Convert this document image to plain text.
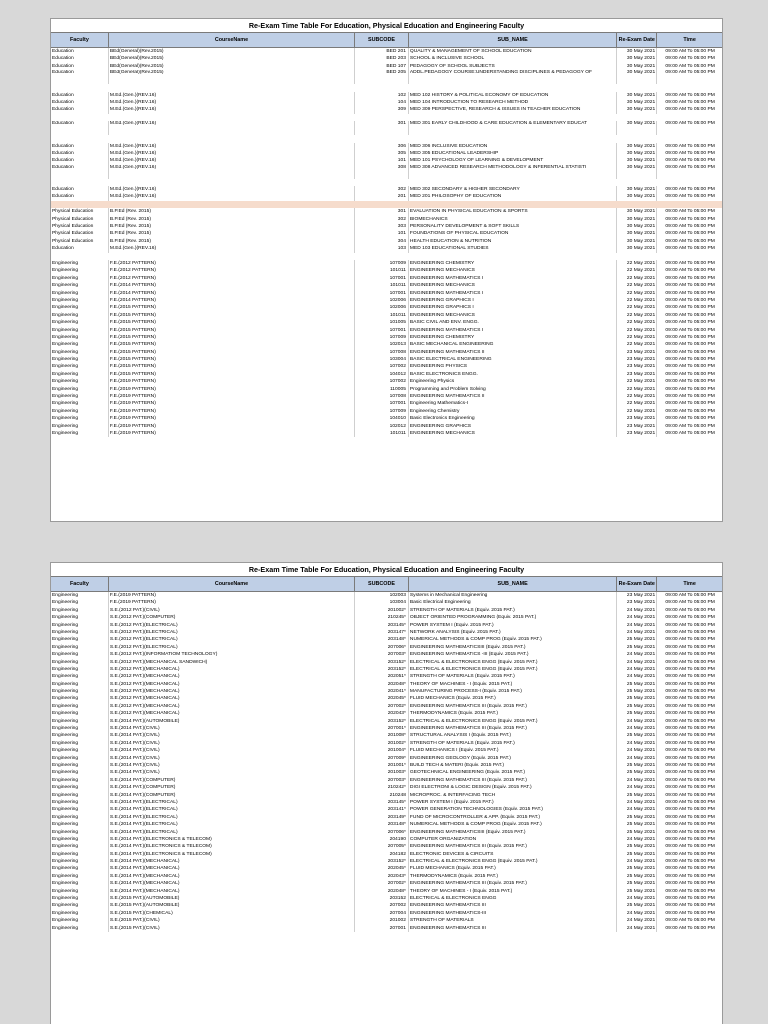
Re-Exam Time Table For Education, Physical Education and Engineering Faculty
Faculty	CourseName	SUBCODE	SUB_NAME	Re-Exam Date	Time
Education	BEd(General)(Rev.2015)	BED 201 QUALITY & MANAGEMENT OF SCHOOL EDUCATION	30 May 2021	09:00 AM To 05:00 PM
Education	BEd(General)(Rev.2015)	BED 203 SCHOOL & INCLUSIVE SCHOOL	30 May 2021	09:00 AM To 05:00 PM
Education	BEd(General)(Rev.2015)	BED 107 PEDAGOGY OF SCHOOL SUBJECTS	30 May 2021	09:00 AM To 05:00 PM
Education	BEd(General)(Rev.2015)	BED 205 ADDL.PEDAGOGY COURSE:UNDERSTANDING DISCIPLINES & PEDAGOGY OF	30 May 2021	09:00 AM To 05:00 PM
Education	M.Ed.(Gen.)(REV.16)	102 MED 102 HISTORY & POLITICAL ECONOMY OF EDUCATION	30 May 2021	09:00 AM To 05:00 PM
Education	M.Ed.(Gen.)(REV.16)	104 MED 104 INTRODUCTION TO RESEARCH METHOD	30 May 2021	09:00 AM To 05:00 PM
Education	M.Ed.(Gen.)(REV.16)	309 MED 309 PERSPECTIVE, RESEARCH & ISSUES IN TEACHER EDUCATION	30 May 2021	09:00 AM To 05:00 PM
Education	M.Ed.(Gen.)(REV.16)	301 MED 301 EARLY CHILDHOOD & CARE EDUCATION & ELEMENTARY EDUCAT	30 May 2021	09:00 AM To 05:00 PM
Education	M.Ed.(Gen.)(REV.16)	306 MED 306 INCLUSIVE EDUCATION	30 May 2021	09:00 AM To 05:00 PM
Education	M.Ed.(Gen.)(REV.16)	305 MED 305 EDUCATIONAL LEADERSHIP	30 May 2021	09:00 AM To 05:00 PM
Education	M.Ed.(Gen.)(REV.16)	101 MED 101 PSYCHOLOGY OF LEARNING & DEVELOPMENT	30 May 2021	09:00 AM To 05:00 PM
Education	M.Ed.(Gen.)(REV.16)	308 MED 308 ADVANCED RESEARCH METHODOLOGY & INFERENTIAL STATISTI	30 May 2021	09:00 AM To 05:00 PM
Education	M.Ed.(Gen.)(REV.16)	302 MED 302 SECONDARY & HIGHER SECONDARY	30 May 2021	09:00 AM To 05:00 PM
Education	M.Ed.(Gen.)(REV.16)	201 MED 201 PHILOSOPHY OF EDUCATION	30 May 2021	09:00 AM To 05:00 PM
Physical Education	B.P.Ed (Rev. 2015)	301 EVALUATION IN PHYSICAL EDUCATION & SPORTS	30 May 2021	09:00 AM To 05:00 PM
Physical Education	B.P.Ed (Rev. 2015)	302 BIOMECHANICS	30 May 2021	09:00 AM To 05:00 PM
Physical Education	B.P.Ed (Rev. 2015)	303 PERSONALITY DEVELOPMENT & SOFT SKILLS	30 May 2021	09:00 AM To 05:00 PM
Physical Education	B.P.Ed (Rev. 2015)	101 FOUNDATIONS OF PHYSICAL EDUCATION	30 May 2021	09:00 AM To 05:00 PM
Physical Education	B.P.Ed (Rev. 2015)	304 HEALTH EDUCATION & NUTRITION	30 May 2021	09:00 AM To 05:00 PM
Education	M.Ed.(Gen.)(REV.16)	103 MED 103 EDUCATIONAL STUDIES	30 May 2021	09:00 AM To 05:00 PM
Engineering	F.E.(2012 PATTERN)	107009 ENGINEERING CHEMISTRY	22 May 2021	09:00 AM To 05:00 PM
Engineering	F.E.(2012 PATTERN)	101011 ENGINEERING MECHANICS	22 May 2021	09:00 AM To 05:00 PM
Engineering	F.E.(2012 PATTERN)	107001 ENGINEERING MATHEMATICS I	22 May 2021	09:00 AM To 05:00 PM
Engineering	F.E.(2014 PATTERN)	101011 ENGINEERING MECHANICS	22 May 2021	09:00 AM To 05:00 PM
Engineering	F.E.(2014 PATTERN)	107001 ENGINEERING MATHEMATICS I	22 May 2021	09:00 AM To 05:00 PM
Engineering	F.E.(2014 PATTERN)	102006 ENGINEERING GRAPHICS I	22 May 2021	09:00 AM To 05:00 PM
Engineering	F.E.(2015 PATTERN)	102006 ENGINEERING GRAPHICS I	22 May 2021	09:00 AM To 05:00 PM
Engineering	F.E.(2015 PATTERN)	101011 ENGINEERING MECHANICS	22 May 2021	09:00 AM To 05:00 PM
Engineering	F.E.(2015 PATTERN)	101005 BASIC CIVIL AND ENV. ENGG.	22 May 2021	09:00 AM To 05:00 PM
Engineering	F.E.(2015 PATTERN)	107001 ENGINEERING MATHEMATICS I	22 May 2021	09:00 AM To 05:00 PM
Engineering	F.E.(2015 PATTERN)	107009 ENGINEERING CHEMISTRY	22 May 2021	09:00 AM To 05:00 PM
Engineering	F.E.(2015 PATTERN)	102013 BASIC MECHANICAL ENGINEERING	22 May 2021	09:00 AM To 05:00 PM
Engineering	F.E.(2015 PATTERN)	107008 ENGINEERING MATHEMATICS II	23 May 2021	09:00 AM To 05:00 PM
Engineering	F.E.(2015 PATTERN)	103004 BASIC ELECTRICAL ENGINEERING	23 May 2021	09:00 AM To 05:00 PM
Engineering	F.E.(2015 PATTERN)	107002 ENGINEERING PHYSICS	23 May 2021	09:00 AM To 05:00 PM
Engineering	F.E.(2015 PATTERN)	104012 BASIC ELECTRONICS ENGG.	23 May 2021	09:00 AM To 05:00 PM
Engineering	F.E.(2019 PATTERN)	107002 Engineering Physics	22 May 2021	09:00 AM To 05:00 PM
Engineering	F.E.(2019 PATTERN)	110005 Programming and Problem Solving	22 May 2021	09:00 AM To 05:00 PM
Engineering	F.E.(2019 PATTERN)	107008 ENGINEERING MATHEMATICS II	22 May 2021	09:00 AM To 05:00 PM
Engineering	F.E.(2019 PATTERN)	107001 Engineering Mathematics-I	22 May 2021	09:00 AM To 05:00 PM
Engineering	F.E.(2019 PATTERN)	107009 Engineering Chemistry	22 May 2021	09:00 AM To 05:00 PM
Engineering	F.E.(2019 PATTERN)	104010 Basic Electronics Engineering	23 May 2021	09:00 AM To 05:00 PM
Engineering	F.E.(2019 PATTERN)	102012 ENGINEERING GRAPHICS	23 May 2021	09:00 AM To 05:00 PM
Engineering	F.E.(2019 PATTERN)	101011 ENGINEERING MECHANICS	23 May 2021	09:00 AM To 05:00 PM
Re-Exam Time Table For Education, Physical Education and Engineering Faculty
Faculty	CourseName	SUBCODE	SUB_NAME	Re-Exam Date	Time
Engineering	F.E.(2019 PATTERN)	102003 Systems in Mechanical Engineering	23 May 2021	09:00 AM To 05:00 PM
Engineering	F.E.(2019 PATTERN)	103004 Basic Electrical Engineering	23 May 2021	09:00 AM To 05:00 PM
Engineering	S.E.(2012 PAT.)(CIVIL)	201002* STRENGTH OF MATERIALS (Equiv. 2015 PAT.)	24 May 2021	09:00 AM To 05:00 PM
Engineering	S.E.(2012 PAT.)(COMPUTER)	210245* OBJECT ORIENTED PROGRAMMING (Equiv. 2015 PAT.)	24 May 2021	09:00 AM To 05:00 PM
Engineering	S.E.(2012 PAT.)(ELECTRICAL)	203145* POWER SYSTEM I (Equiv. 2015 PAT.)	24 May 2021	09:00 AM To 05:00 PM
Engineering	S.E.(2012 PAT.)(ELECTRICAL)	203147* NETWORK ANALYSIS (Equiv. 2015 PAT.)	24 May 2021	09:00 AM To 05:00 PM
Engineering	S.E.(2012 PAT.)(ELECTRICAL)	203148* NUMERICAL METHODS & COMP PROG (Equiv. 2015 PAT.)	25 May 2021	09:00 AM To 05:00 PM
Engineering	S.E.(2012 PAT.)(ELECTRICAL)	207006* ENGINEERING MATHEMATICSIII (Equiv. 2015 PAT.)	25 May 2021	09:00 AM To 05:00 PM
Engineering	S.E.(2012 PAT.)(INFORMATIOM TECHNOLOGY)	207003* ENGINEERING MATHEMATICS -III (Equiv. 2015 PAT.)	24 May 2021	09:00 AM To 05:00 PM
Engineering	S.E.(2012 PAT.)(MECHANICAL SANDWICH)	203152* ELECTRICAL & ELECTRONICS ENGG (Equiv. 2015 PAT.)	24 May 2021	09:00 AM To 05:00 PM
Engineering	S.E.(2012 PAT.)(MECHANICAL)	203152* ELECTRICAL & ELECTRONICS ENGG (Equiv. 2015 PAT.)	24 May 2021	09:00 AM To 05:00 PM
Engineering	S.E.(2012 PAT.)(MECHANICAL)	202051* STRENGTH OF MATERIALS (Equiv. 2015 PAT.)	24 May 2021	09:00 AM To 05:00 PM
Engineering	S.E.(2012 PAT.)(MECHANICAL)	202048* THEORY OF MACHINES - I (Equiv. 2015 PAT.)	25 May 2021	09:00 AM To 05:00 PM
Engineering	S.E.(2012 PAT.)(MECHANICAL)	202041* MANUFACTURING PROCESS-I (Equiv. 2015 PAT.)	25 May 2021	09:00 AM To 05:00 PM
Engineering	S.E.(2012 PAT.)(MECHANICAL)	202045* FLUID MECHANICS (Equiv. 2015 PAT.)	25 May 2021	09:00 AM To 05:00 PM
Engineering	S.E.(2012 PAT.)(MECHANICAL)	207002* ENGINEERING MATHEMATICS III (Equiv. 2015 PAT.)	25 May 2021	09:00 AM To 05:00 PM
Engineering	S.E.(2012 PAT.)(MECHANICAL)	202043* THERMODYNAMICS (Equiv. 2015 PAT.)	25 May 2021	09:00 AM To 05:00 PM
Engineering	S.E.(2014 PAT.)(AUTOMOBILE)	203152* ELECTRICAL & ELECTRONICS ENGG (Equiv. 2015 PAT.)	24 May 2021	09:00 AM To 05:00 PM
Engineering	S.E.(2014 PAT.)(CIVIL)	207001* ENGINEERING MATHEMATICS III (Equiv. 2015 PAT.)	24 May 2021	09:00 AM To 05:00 PM
Engineering	S.E.(2014 PAT.)(CIVIL)	201008* STRUCTURAL ANALYSIS I (Equiv. 2015 PAT.)	25 May 2021	09:00 AM To 05:00 PM
Engineering	S.E.(2014 PAT.)(CIVIL)	201002* STRENGTH OF MATERIALS (Equiv. 2015 PAT.)	24 May 2021	09:00 AM To 05:00 PM
Engineering	S.E.(2014 PAT.)(CIVIL)	201004* FLUID MECHANICS I (Equiv. 2015 PAT.)	24 May 2021	09:00 AM To 05:00 PM
Engineering	S.E.(2014 PAT.)(CIVIL)	207009* ENGINEERING GEOLOGY (Equiv. 2015 PAT.)	24 May 2021	09:00 AM To 05:00 PM
Engineering	S.E.(2014 PAT.)(CIVIL)	201001* BUILD TECH & MATERI (Equiv. 2015 PAT.)	25 May 2021	09:00 AM To 05:00 PM
Engineering	S.E.(2014 PAT.)(CIVIL)	201003* GEOTECHNICAL ENGINEERING (Equiv. 2015 PAT.)	25 May 2021	09:00 AM To 05:00 PM
Engineering	S.E.(2014 PAT.)(COMPUTER)	207003* ENGINEERING MATHEMATICS III (Equiv. 2015 PAT.)	24 May 2021	09:00 AM To 05:00 PM
Engineering	S.E.(2014 PAT.)(COMPUTER)	210242* DIGI ELECTRONI & LOGIC DESIGN (Equiv. 2015 PAT.)	24 May 2021	09:00 AM To 05:00 PM
Engineering	S.E.(2014 PAT.)(COMPUTER)	210248 MICROPROC. & INTERFACING TECH	25 May 2021	09:00 AM To 05:00 PM
Engineering	S.E.(2014 PAT.)(ELECTRICAL)	203145* POWER SYSTEM I (Equiv. 2015 PAT.)	24 May 2021	09:00 AM To 05:00 PM
Engineering	S.E.(2014 PAT.)(ELECTRICAL)	203141* POWER GENERATION TECHNOLOGIES (Equiv. 2015 PAT.)	24 May 2021	09:00 AM To 05:00 PM
Engineering	S.E.(2014 PAT.)(ELECTRICAL)	203149* FUND OF MICROCONTROLLER & APP. (Equiv. 2015 PAT.)	25 May 2021	09:00 AM To 05:00 PM
Engineering	S.E.(2014 PAT.)(ELECTRICAL)	203148* NUMERICAL METHODS & COMP PROG (Equiv. 2015 PAT.)	25 May 2021	09:00 AM To 05:00 PM
Engineering	S.E.(2014 PAT.)(ELECTRICAL)	207006* ENGINEERING MATHEMATICSIII (Equiv. 2015 PAT.)	25 May 2021	09:00 AM To 05:00 PM
Engineering	S.E.(2014 PAT.)(ELECTRONICS & TELECOM)	204190 COMPUTER ORGANIZATION	24 May 2021	09:00 AM To 05:00 PM
Engineering	S.E.(2014 PAT.)(ELECTRONICS & TELECOM)	207005* ENGINEERING MATHEMATICS III (Equiv. 2015 PAT.)	25 May 2021	09:00 AM To 05:00 PM
Engineering	S.E.(2014 PAT.)(ELECTRONICS & TELECOM)	204182 ELECTRONIC DEVICES & CIRCUITS	25 May 2021	09:00 AM To 05:00 PM
Engineering	S.E.(2014 PAT.)(MECHANICAL)	203152* ELECTRICAL & ELECTRONICS ENGG (Equiv. 2015 PAT.)	24 May 2021	09:00 AM To 05:00 PM
Engineering	S.E.(2014 PAT.)(MECHANICAL)	202045* FLUID MECHANICS (Equiv. 2015 PAT.)	25 May 2021	09:00 AM To 05:00 PM
Engineering	S.E.(2014 PAT.)(MECHANICAL)	202043* THERMODYNAMICS (Equiv. 2015 PAT.)	25 May 2021	09:00 AM To 05:00 PM
Engineering	S.E.(2014 PAT.)(MECHANICAL)	207002* ENGINEERING MATHEMATICS III (Equiv. 2015 PAT.)	25 May 2021	09:00 AM To 05:00 PM
Engineering	S.E.(2014 PAT.)(MECHANICAL)	202048* THEORY OF MACHINES - I (Equiv. 2015 PAT.)	25 May 2021	09:00 AM To 05:00 PM
Engineering	S.E.(2015 PAT.)(AUTOMOBILE)	203152 ELECTRICAL & ELECTRONICS ENGG	24 May 2021	09:00 AM To 05:00 PM
Engineering	S.E.(2015 PAT.)(AUTOMOBILE)	207002 ENGINEERING MATHEMATICS III	25 May 2021	09:00 AM To 05:00 PM
Engineering	S.E.(2015 PAT.)(CHEMICAL)	207004 ENGINEERING MATHEMATICS-III	24 May 2021	09:00 AM To 05:00 PM
Engineering	S.E.(2015 PAT.)(CIVIL)	201002 STRENGTH OF MATERIALS	24 May 2021	09:00 AM To 05:00 PM
Engineering	S.E.(2015 PAT.)(CIVIL)	207001 ENGINEERING MATHEMATICS III	24 May 2021	09:00 AM To 05:00 PM
